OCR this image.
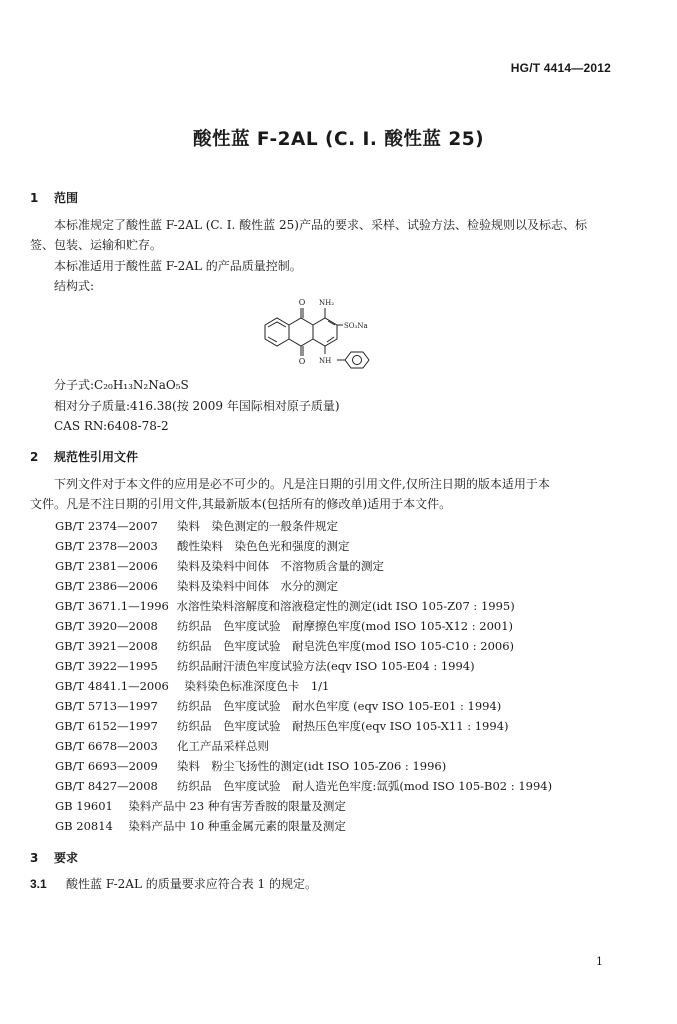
HG/T 4414—2012
酸性蓝 F-2AL (C. I. 酸性蓝 25)
1 范围
本标准规定了酸性蓝 F-2AL (C. I. 酸性蓝 25)产品的要求、采样、试验方法、检验规则以及标志、标
签、包装、运输和贮存。
本标准适用于酸性蓝 F-2AL 的产品质量控制。
结构式:
O NH₂
SO₃Na
O NH
分子式:C₂₀H₁₃N₂NaO₅S
相对分子质量:416.38(按 2009 年国际相对原子质量)
CAS RN:6408-78-2
2 规范性引用文件
下列文件对于本文件的应用是必不可少的。凡是注日期的引用文件,仅所注日期的版本适用于本
文件。凡是不注日期的引用文件,其最新版本(包括所有的修改单)适用于本文件。
GB/T 2374—2007 染料　染色测定的一般条件规定
GB/T 2378—2003 酸性染料　染色色光和强度的测定
GB/T 2381—2006 染料及染料中间体　不溶物质含量的测定
GB/T 2386—2006 染料及染料中间体　水分的测定
GB/T 3671.1—1996 水溶性染料溶解度和溶液稳定性的测定(idt ISO 105-Z07 : 1995)
GB/T 3920—2008 纺织品　色牢度试验　耐摩擦色牢度(mod ISO 105-X12 : 2001)
GB/T 3921—2008 纺织品　色牢度试验　耐皂洗色牢度(mod ISO 105-C10 : 2006)
GB/T 3922—1995 纺织品耐汗渍色牢度试验方法(eqv ISO 105-E04 : 1994)
GB/T 4841.1—2006　 染料染色标准深度色卡　1/1
GB/T 5713—1997 纺织品　色牢度试验　耐水色牢度 (eqv ISO 105-E01 : 1994)
GB/T 6152—1997 纺织品　色牢度试验　耐热压色牢度(eqv ISO 105-X11 : 1994)
GB/T 6678—2003 化工产品采样总则
GB/T 6693—2009 染料　粉尘飞扬性的测定(idt ISO 105-Z06 : 1996)
GB/T 8427—2008 纺织品　色牢度试验　耐人造光色牢度:氙弧(mod ISO 105-B02 : 1994)
GB 19601　 染料产品中 23 种有害芳香胺的限量及测定
GB 20814　 染料产品中 10 种重金属元素的限量及测定
3 要求
3.1 酸性蓝 F-2AL 的质量要求应符合表 1 的规定。
1
